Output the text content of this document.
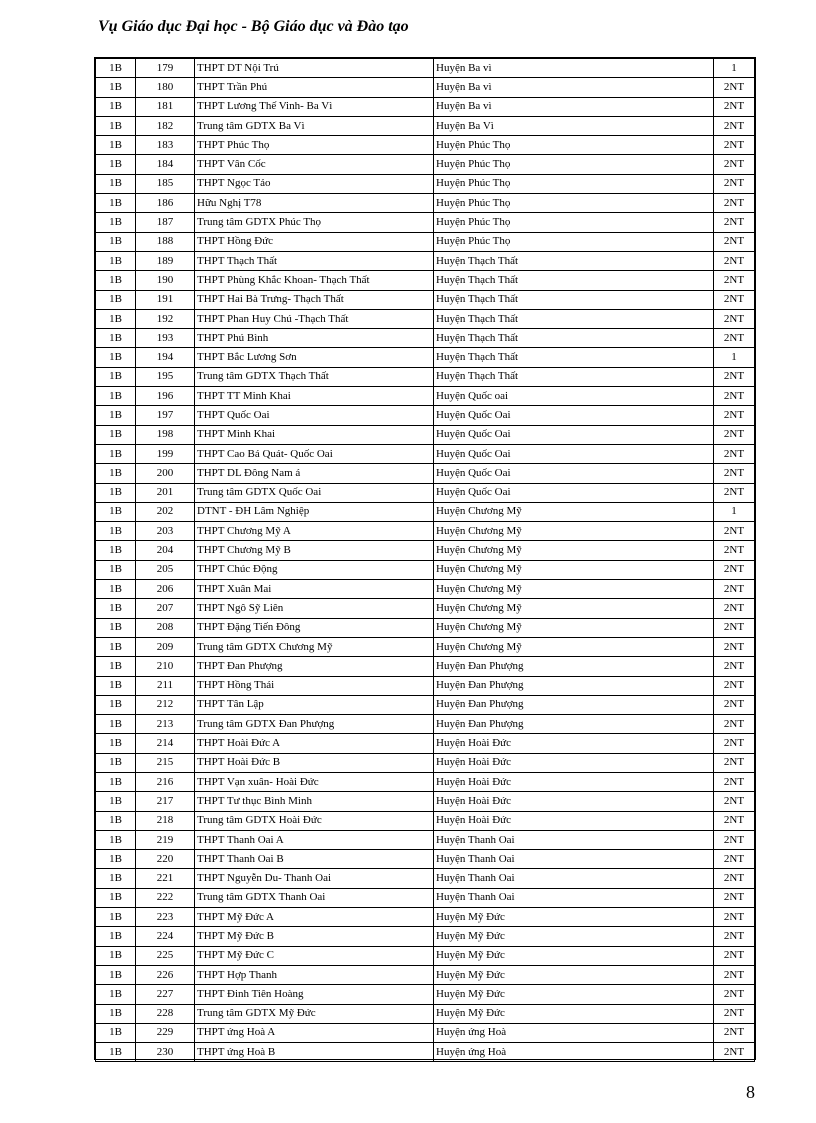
Vụ Giáo dục Đại học - Bộ Giáo dục và Đào tạo
1B	179	THPT DT Nội Trú	Huyện Ba vì	1
1B	180	THPT Trần Phú	Huyện Ba vì	2NT
1B	181	THPT Lương Thế Vinh- Ba Vì	Huyện Ba vì	2NT
1B	182	Trung tâm GDTX Ba Vì	Huyện Ba Vì	2NT
1B	183	THPT Phúc Thọ	Huyện Phúc Thọ	2NT
1B	184	THPT Vân Cốc	Huyện Phúc Thọ	2NT
1B	185	THPT Ngọc Tảo	Huyện Phúc Thọ	2NT
1B	186	Hữu Nghị T78	Huyện Phúc Thọ	2NT
1B	187	Trung tâm GDTX Phúc Thọ	Huyện Phúc Thọ	2NT
1B	188	THPT Hồng Đức	Huyện Phúc Thọ	2NT
1B	189	THPT Thạch Thất	Huyện Thạch Thất	2NT
1B	190	THPT Phùng Khắc Khoan- Thạch Thất	Huyện Thạch Thất	2NT
1B	191	THPT Hai Bà Trưng- Thạch Thất	Huyện Thạch Thất	2NT
1B	192	THPT Phan Huy Chú -Thạch Thất	Huyện Thạch Thất	2NT
1B	193	THPT Phú Bình	Huyện Thạch Thất	2NT
1B	194	THPT Bắc Lương Sơn	Huyện Thạch Thất	1
1B	195	Trung tâm GDTX Thạch Thất	Huyện Thạch Thất	2NT
1B	196	THPT TT Minh Khai	Huyện Quốc oai	2NT
1B	197	THPT Quốc Oai	Huyện Quốc Oai	2NT
1B	198	THPT Minh Khai	Huyện Quốc Oai	2NT
1B	199	THPT Cao Bá Quát- Quốc Oai	Huyện Quốc Oai	2NT
1B	200	THPT DL Đông Nam á	Huyện Quốc Oai	2NT
1B	201	Trung tâm GDTX Quốc Oai	Huyện Quốc Oai	2NT
1B	202	DTNT - ĐH Lâm Nghiệp	Huyện Chương Mỹ	1
1B	203	THPT Chương Mỹ A	Huyện Chương Mỹ	2NT
1B	204	THPT Chương Mỹ B	Huyện Chương Mỹ	2NT
1B	205	THPT Chúc Động	Huyện Chương Mỹ	2NT
1B	206	THPT Xuân Mai	Huyện Chương Mỹ	2NT
1B	207	THPT Ngô Sỹ Liên	Huyện Chương Mỹ	2NT
1B	208	THPT Đặng Tiến Đông	Huyện Chương Mỹ	2NT
1B	209	Trung tâm GDTX Chương Mỹ	Huyện Chương Mỹ	2NT
1B	210	THPT Đan Phượng	Huyện Đan Phượng	2NT
1B	211	THPT Hồng Thái	Huyện Đan Phượng	2NT
1B	212	THPT Tân Lập	Huyện Đan Phượng	2NT
1B	213	Trung tâm GDTX Đan Phượng	Huyện Đan Phượng	2NT
1B	214	THPT Hoài Đức A	Huyện Hoài Đức	2NT
1B	215	THPT Hoài Đức B	Huyện Hoài Đức	2NT
1B	216	THPT Vạn xuân- Hoài Đức	Huyện Hoài Đức	2NT
1B	217	THPT Tư thục Bình Minh	Huyện Hoài Đức	2NT
1B	218	Trung tâm GDTX Hoài Đức	Huyện Hoài Đức	2NT
1B	219	THPT Thanh Oai A	Huyện Thanh Oai	2NT
1B	220	THPT Thanh Oai B	Huyện Thanh Oai	2NT
1B	221	THPT Nguyễn Du- Thanh Oai	Huyện Thanh Oai	2NT
1B	222	Trung tâm GDTX Thanh Oai	Huyện Thanh Oai	2NT
1B	223	THPT Mỹ Đức A	Huyện Mỹ Đức	2NT
1B	224	THPT Mỹ Đức B	Huyện Mỹ Đức	2NT
1B	225	THPT Mỹ Đức C	Huyện Mỹ Đức	2NT
1B	226	THPT Hợp Thanh	Huyện Mỹ Đức	2NT
1B	227	THPT Đinh Tiên Hoàng	Huyện Mỹ Đức	2NT
1B	228	Trung tâm GDTX Mỹ Đức	Huyện Mỹ Đức	2NT
1B	229	THPT ứng Hoà A	Huyện ứng Hoà	2NT
1B	230	THPT ứng Hoà B	Huyện ứng Hoà	2NT
8
